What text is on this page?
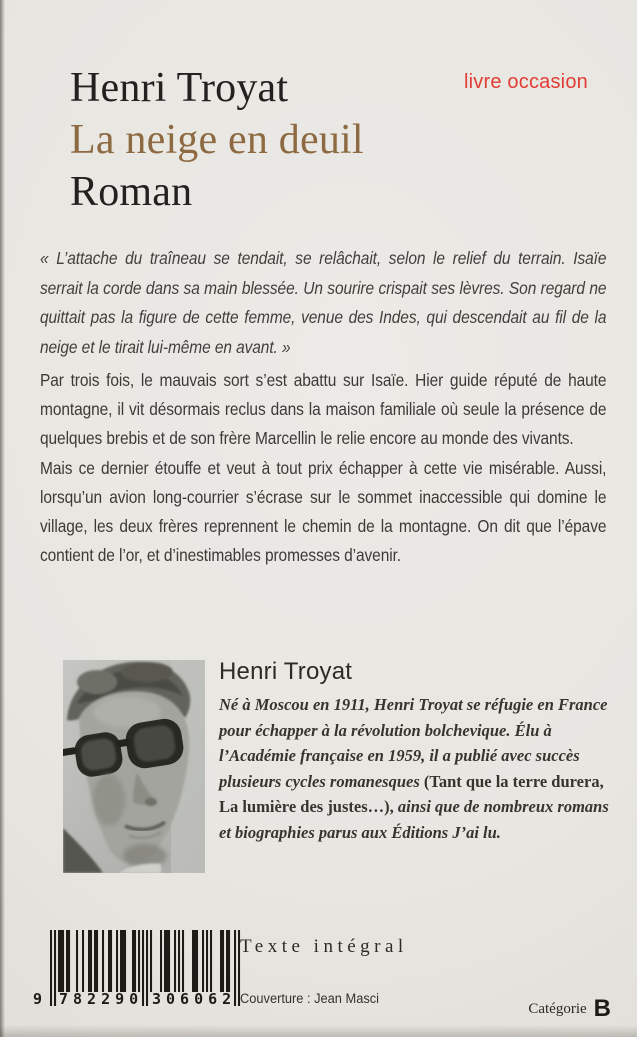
livre occasion
Henri Troyat
La neige en deuil
Roman

« L’attache du traîneau se tendait, se relâchait, selon le relief du terrain. Isaïe serrait la corde dans sa main blessée. Un sourire crispait ses lèvres. Son regard ne quittait pas la figure de cette femme, venue des Indes, qui descendait au fil de la neige et le tirait lui-même en avant. »

Par trois fois, le mauvais sort s’est abattu sur Isaïe. Hier guide réputé de haute montagne, il vit désormais reclus dans la maison familiale où seule la présence de quelques brebis et de son frère Marcellin le relie encore au monde des vivants.

Mais ce dernier étouffe et veut à tout prix échapper à cette vie misérable. Aussi, lorsqu’un avion long-courrier s’écrase sur le sommet inaccessible qui domine le village, les deux frères reprennent le chemin de la montagne. On dit que l’épave contient de l’or, et d’inestimables promesses d’avenir.

Henri Troyat

Né à Moscou en 1911, Henri Troyat se réfugie en France pour échapper à la révolution bolchevique. Élu à l’Académie française en 1959, il a publié avec succès plusieurs cycles romanesques (Tant que la terre durera, La lumière des justes…), ainsi que de nombreux romans et biographies parus aux Éditions J’ai lu.

9 782290 306062
Texte intégral
Couverture : Jean Masci
Catégorie B
